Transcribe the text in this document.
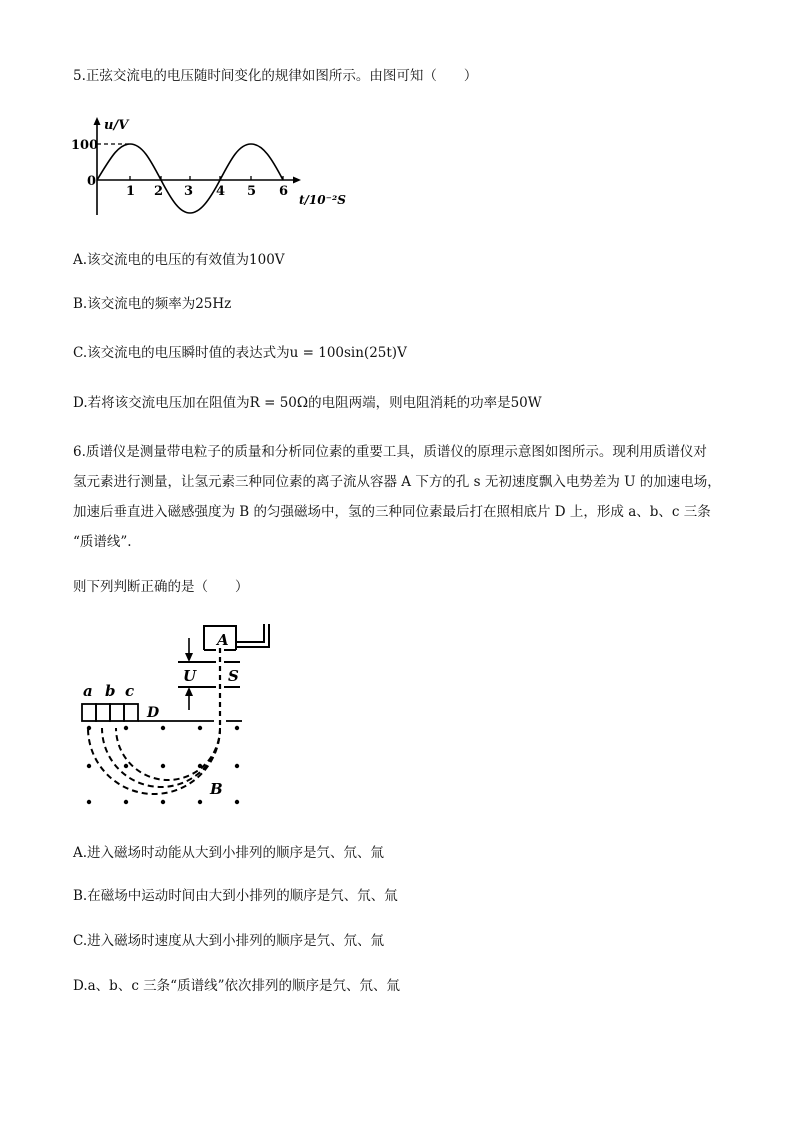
5.正弦交流电的电压随时间变化的规律如图所示。由图可知（　　）
u/V
100
0
1 2 3 4 5 6
t/10⁻²S
A.该交流电的电压的有效值为100V
B.该交流电的频率为25Hz
C.该交流电的电压瞬时值的表达式为u = 100sin(25t)V
D.若将该交流电压加在阻值为R = 50Ω的电阻两端，则电阻消耗的功率是50W
6.质谱仪是测量带电粒子的质量和分析同位素的重要工具，质谱仪的原理示意图如图所示。现利用质谱仪对
氢元素进行测量，让氢元素三种同位素的离子流从容器 A 下方的孔 s 无初速度飘入电势差为 U 的加速电场，
加速后垂直进入磁感强度为 B 的匀强磁场中，氢的三种同位素最后打在照相底片 D 上，形成 a、b、c 三条
“质谱线”.
则下列判断正确的是（　　）
a b c
A
U S
D
B
A.进入磁场时动能从大到小排列的顺序是氕、氘、氚
B.在磁场中运动时间由大到小排列的顺序是氕、氘、氚
C.进入磁场时速度从大到小排列的顺序是氕、氘、氚
D.a、b、c 三条“质谱线”依次排列的顺序是氕、氘、氚
